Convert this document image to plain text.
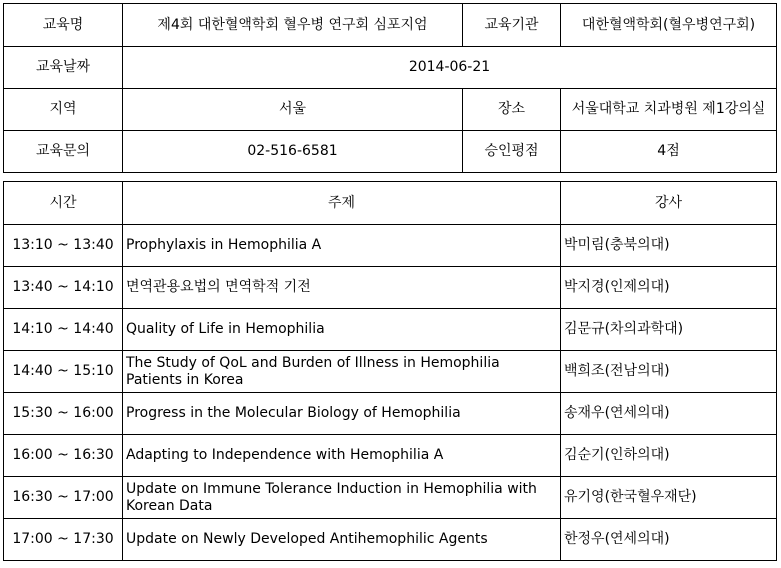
교육명	제4회 대한혈액학회 혈우병 연구회 심포지엄	교육기관	대한혈액학회(혈우병연구회)
교육날짜	2014-06-21		
지역	서울	장소	서울대학교 치과병원 제1강의실
교육문의	02-516-6581	승인평점	4점
시간	주제	강사
13:10 ~ 13:40	Prophylaxis in Hemophilia A	박미림(충북의대)
13:40 ~ 14:10	면역관용요법의 면역학적 기전	박지경(인제의대)
14:10 ~ 14:40	Quality of Life in Hemophilia	김문규(차의과학대)
14:40 ~ 15:10	The Study of QoL and Burden of Illness in Hemophilia Patients in Korea	백희조(전남의대)
15:30 ~ 16:00	Progress in the Molecular Biology of Hemophilia	송재우(연세의대)
16:00 ~ 16:30	Adapting to Independence with Hemophilia A	김순기(인하의대)
16:30 ~ 17:00	Update on Immune Tolerance Induction in Hemophilia with Korean Data	유기영(한국혈우재단)
17:00 ~ 17:30	Update on Newly Developed Antihemophilic Agents	한정우(연세의대)
